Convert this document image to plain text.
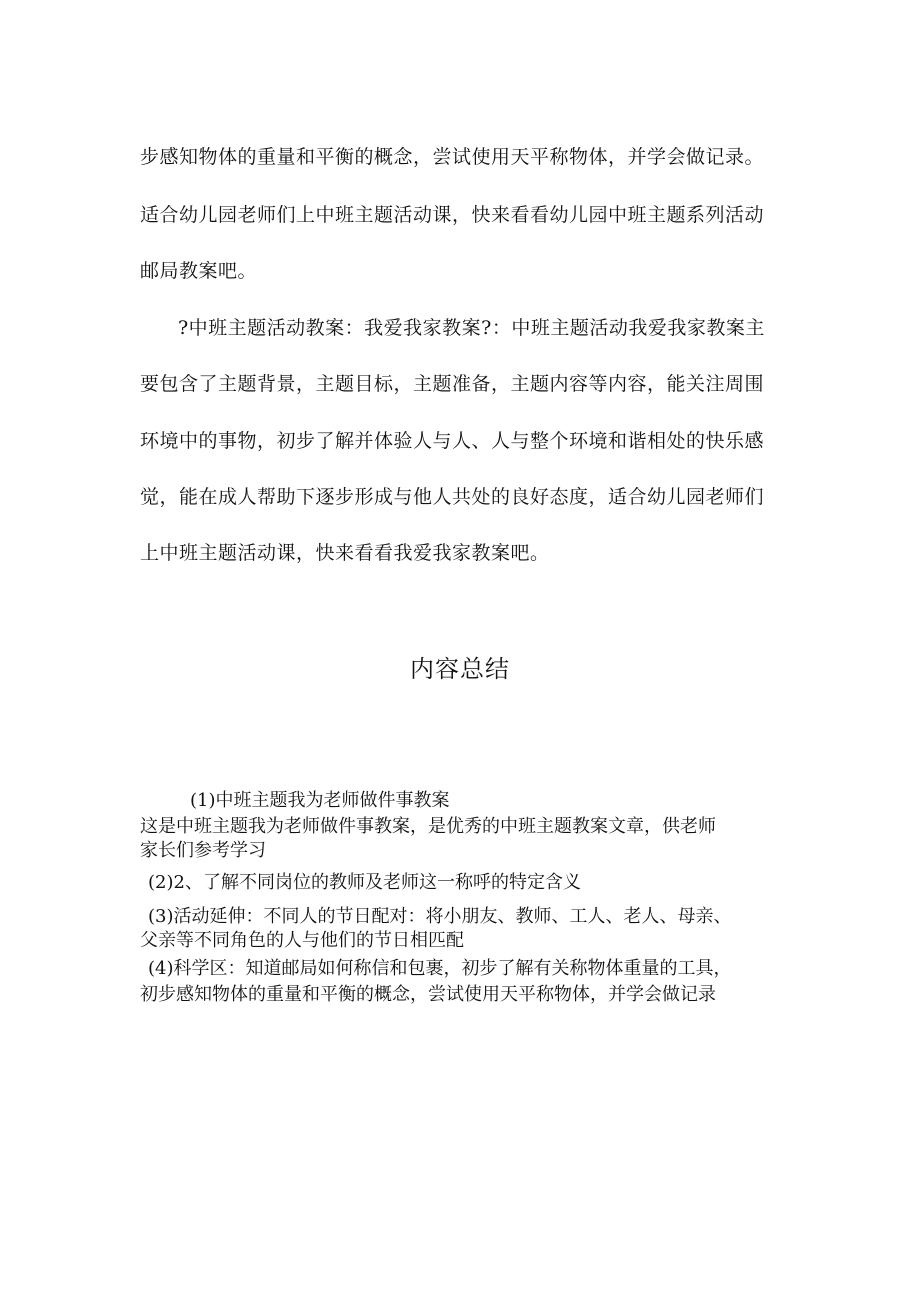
步感知物体的重量和平衡的概念，尝试使用天平称物体，并学会做记录。
适合幼儿园老师们上中班主题活动课，快来看看幼儿园中班主题系列活动
邮局教案吧。
?中班主题活动教案：我爱我家教案?：中班主题活动我爱我家教案主
要包含了主题背景，主题目标，主题准备，主题内容等内容，能关注周围
环境中的事物，初步了解并体验人与人、人与整个环境和谐相处的快乐感
觉，能在成人帮助下逐步形成与他人共处的良好态度，适合幼儿园老师们
上中班主题活动课，快来看看我爱我家教案吧。
内容总结
(1)中班主题我为老师做件事教案
这是中班主题我为老师做件事教案，是优秀的中班主题教案文章，供老师
家长们参考学习
(2)2、了解不同岗位的教师及老师这一称呼的特定含义
(3)活动延伸：不同人的节日配对：将小朋友、教师、工人、老人、母亲、
父亲等不同角色的人与他们的节日相匹配
(4)科学区：知道邮局如何称信和包裹，初步了解有关称物体重量的工具，
初步感知物体的重量和平衡的概念，尝试使用天平称物体，并学会做记录
